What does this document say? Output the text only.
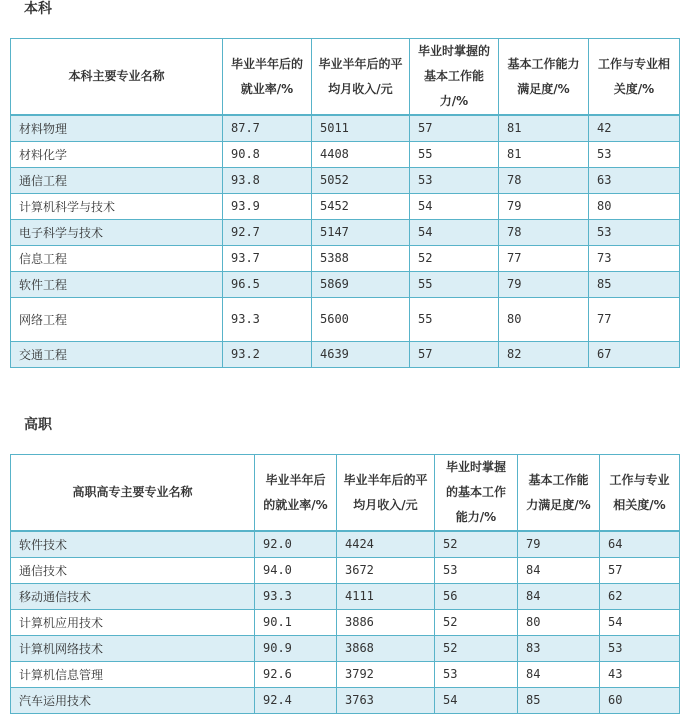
本科
本科主要专业名称	毕业半年后的就业率/%	毕业半年后的平均月收入/元	毕业时掌握的基本工作能力/%	基本工作能力满足度/%	工作与专业相关度/%
材料物理	87.7	5011	57	81	42
材料化学	90.8	4408	55	81	53
通信工程	93.8	5052	53	78	63
计算机科学与技术	93.9	5452	54	79	80
电子科学与技术	92.7	5147	54	78	53
信息工程	93.7	5388	52	77	73
软件工程	96.5	5869	55	79	85
网络工程	93.3	5600	55	80	77
交通工程	93.2	4639	57	82	67
高职
高职高专主要专业名称	毕业半年后的就业率/%	毕业半年后的平均月收入/元	毕业时掌握的基本工作能力/%	基本工作能力满足度/%	工作与专业相关度/%
软件技术	92.0	4424	52	79	64
通信技术	94.0	3672	53	84	57
移动通信技术	93.3	4111	56	84	62
计算机应用技术	90.1	3886	52	80	54
计算机网络技术	90.9	3868	52	83	53
计算机信息管理	92.6	3792	53	84	43
汽车运用技术	92.4	3763	54	85	60
